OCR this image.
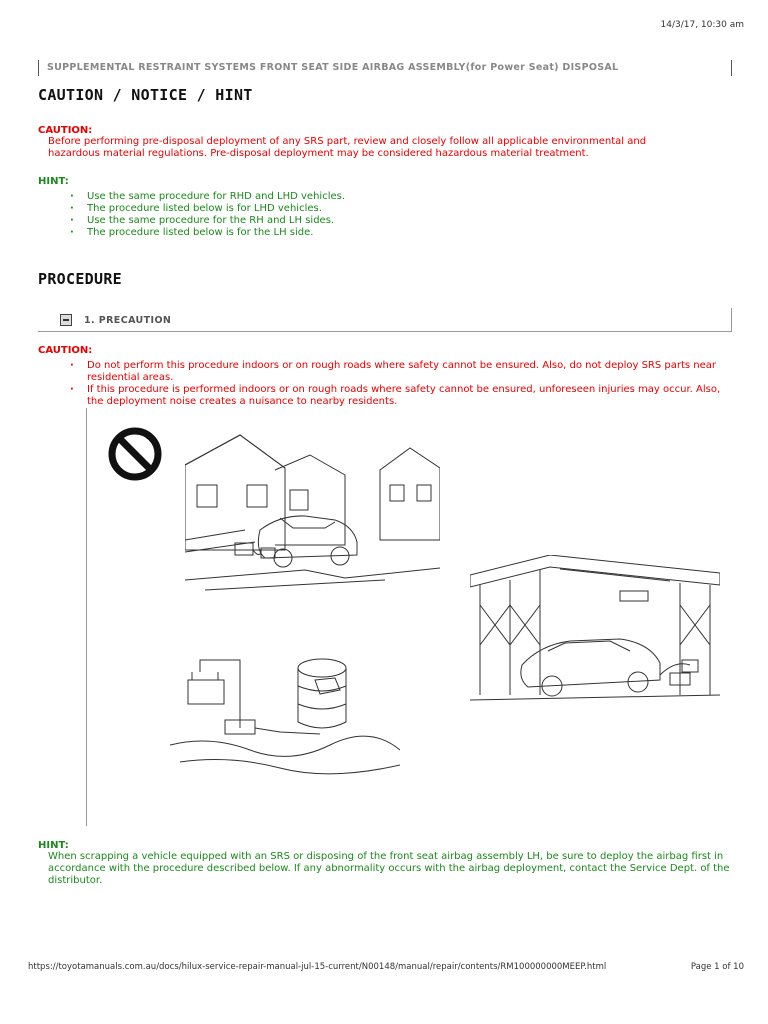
14/3/17, 10:30 am
SUPPLEMENTAL RESTRAINT SYSTEMS FRONT SEAT SIDE AIRBAG ASSEMBLY(for Power Seat) DISPOSAL
CAUTION / NOTICE / HINT
CAUTION:
Before performing pre-disposal deployment of any SRS part, review and closely follow all applicable environmental and hazardous material regulations. Pre-disposal deployment may be considered hazardous material treatment.
HINT:
· Use the same procedure for RHD and LHD vehicles.
· The procedure listed below is for LHD vehicles.
· Use the same procedure for the RH and LH sides.
· The procedure listed below is for the LH side.
PROCEDURE
1. PRECAUTION
CAUTION:
· Do not perform this procedure indoors or on rough roads where safety cannot be ensured. Also, do not deploy SRS parts near residential areas.
· If this procedure is performed indoors or on rough roads where safety cannot be ensured, unforeseen injuries may occur. Also, the deployment noise creates a nuisance to nearby residents.
HINT:
When scrapping a vehicle equipped with an SRS or disposing of the front seat airbag assembly LH, be sure to deploy the airbag first in accordance with the procedure described below. If any abnormality occurs with the airbag deployment, contact the Service Dept. of the distributor.
https://toyotamanuals.com.au/docs/hilux-service-repair-manual-jul-15-current/N00148/manual/repair/contents/RM100000000MEEP.html	Page 1 of 10
